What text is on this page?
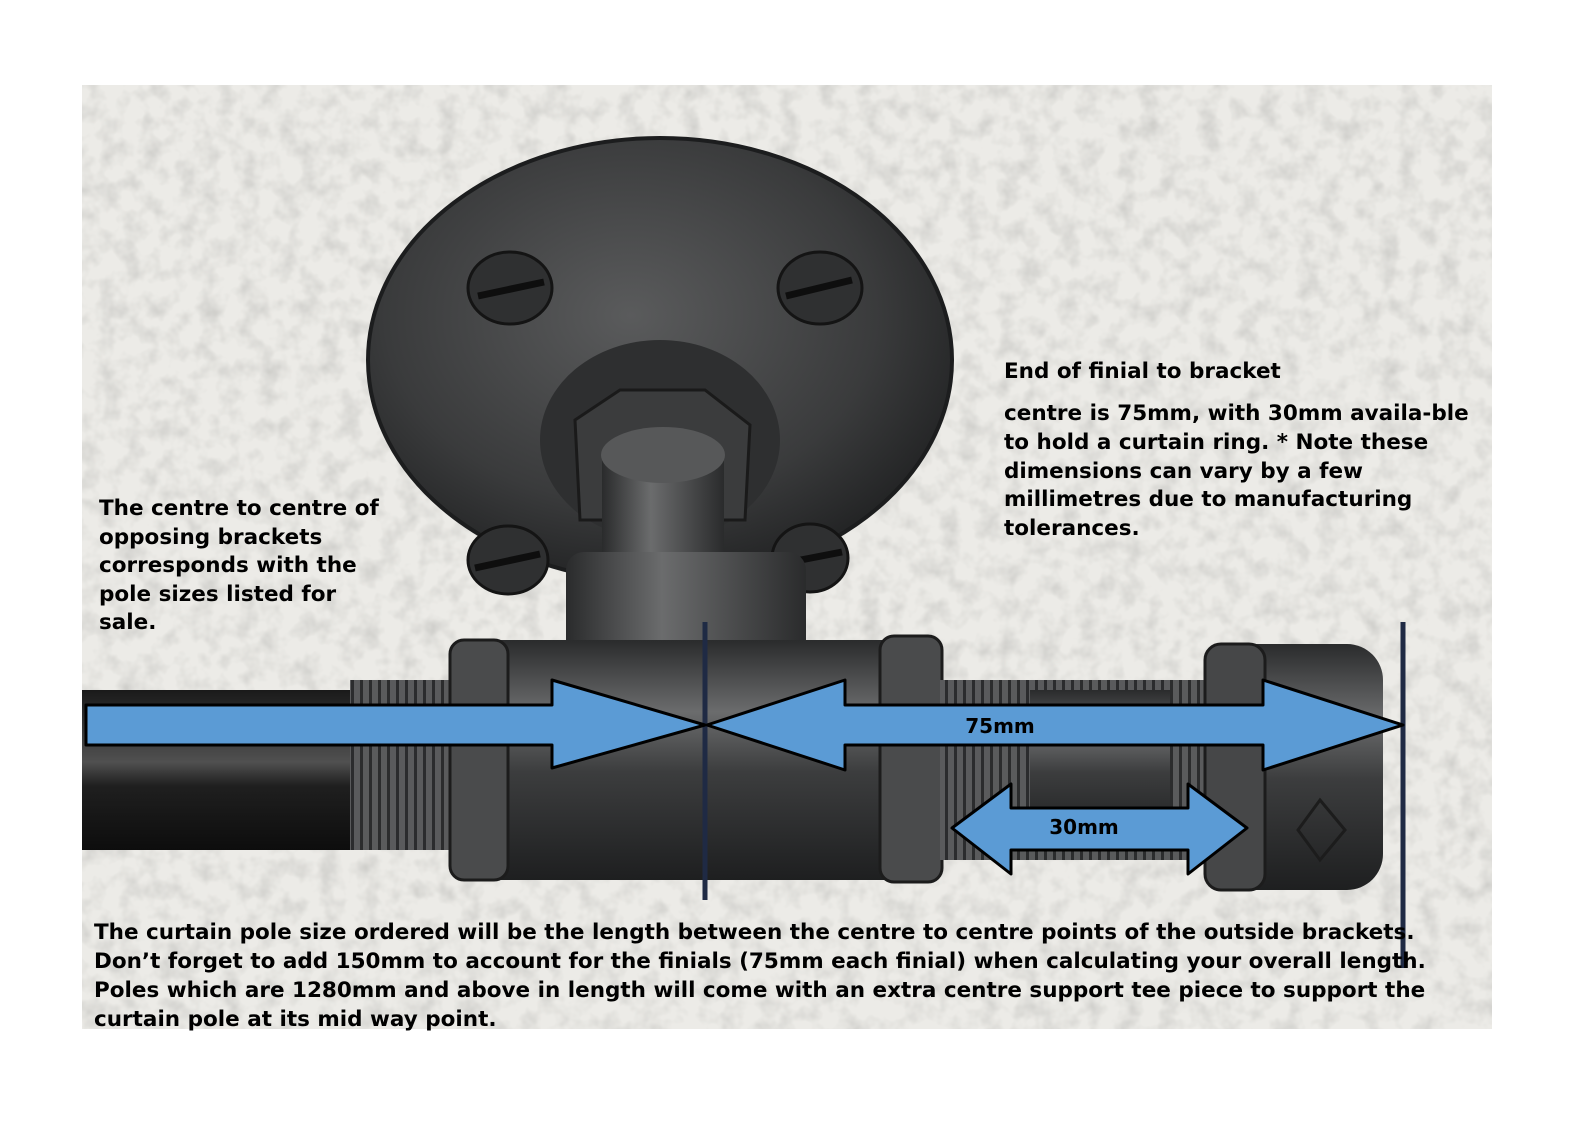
75mm
30mm

The centre to centre of opposing brackets corresponds with the pole sizes listed for sale.

End of finial to bracket

centre is 75mm, with 30mm availa-ble to hold a curtain ring. * Note these dimensions can vary by a few millimetres due to manufacturing tolerances.

The curtain pole size ordered will be the length between the centre to centre points of the outside brackets. Don’t forget to add 150mm to account for the finials (75mm each finial) when calculating your overall length. Poles which are 1280mm and above in length will come with an extra centre support tee piece to support the curtain pole at its mid way point.
